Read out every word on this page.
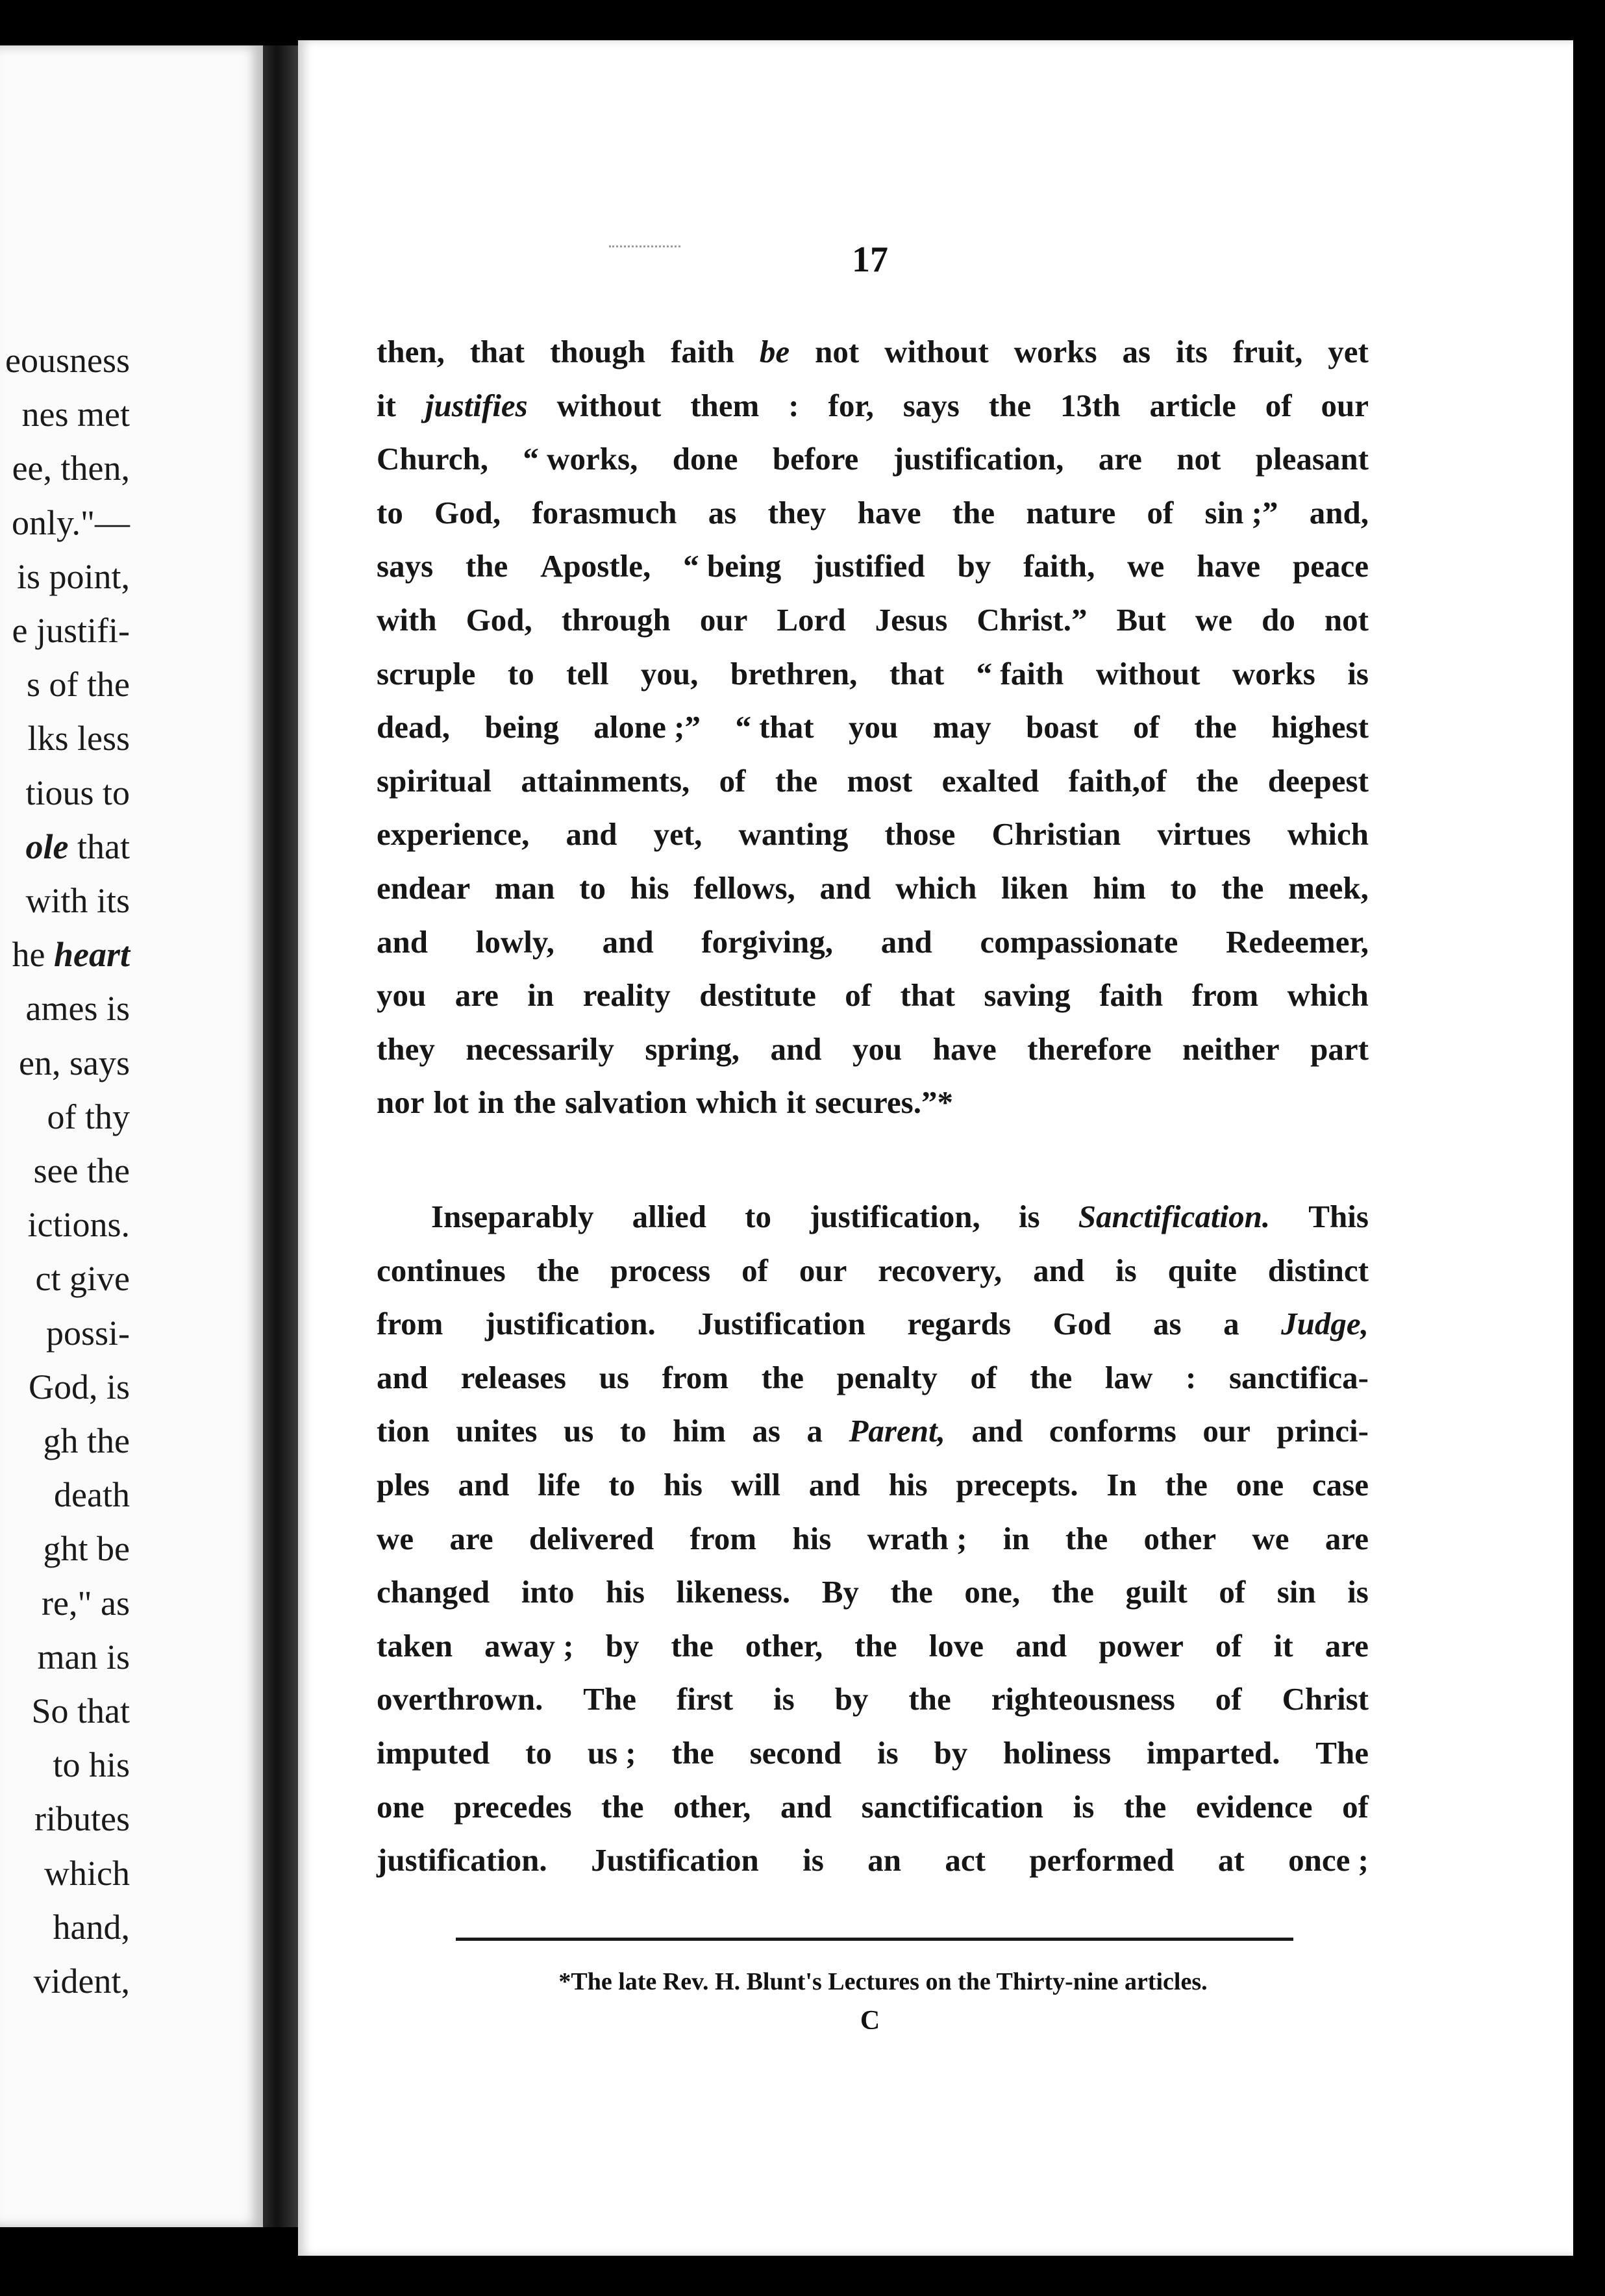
eousness
nes met
ee, then,
only."—
is point,
e justifi-
s of the
lks less
tious to
ole that
with its
he heart
ames is
en, says
of thy
see the
ictions.
ct give
possi-
God, is
gh the
death
ght be
re," as
man is
So that
to his
ributes
which
hand,
vident,
17
then, that though faith be not without works as its fruit, yet
it justifies without them : for, says the 13th article of our
Church, “ works, done before justification, are not pleasant
to God, forasmuch as they have the nature of sin ;” and,
says the Apostle, “ being justified by faith, we have peace
with God, through our Lord Jesus Christ.” But we do not
scruple to tell you, brethren, that “ faith without works is
dead, being alone ;” “ that you may boast of the highest
spiritual attainments, of the most exalted faith,of the deepest
experience, and yet, wanting those Christian virtues which
endear man to his fellows, and which liken him to the meek,
and lowly, and forgiving, and compassionate Redeemer,
you are in reality destitute of that saving faith from which
they necessarily spring, and you have therefore neither part
nor lot in the salvation which it secures.”*
Inseparably allied to justification, is Sanctification. This
continues the process of our recovery, and is quite distinct
from justification. Justification regards God as a Judge,
and releases us from the penalty of the law : sanctifica-
tion unites us to him as a Parent, and conforms our princi-
ples and life to his will and his precepts. In the one case
we are delivered from his wrath ; in the other we are
changed into his likeness. By the one, the guilt of sin is
taken away ; by the other, the love and power of it are
overthrown. The first is by the righteousness of Christ
imputed to us ; the second is by holiness imparted. The
one precedes the other, and sanctification is the evidence of
justification. Justification is an act performed at once ;
*The late Rev. H. Blunt's Lectures on the Thirty-nine articles.
C
